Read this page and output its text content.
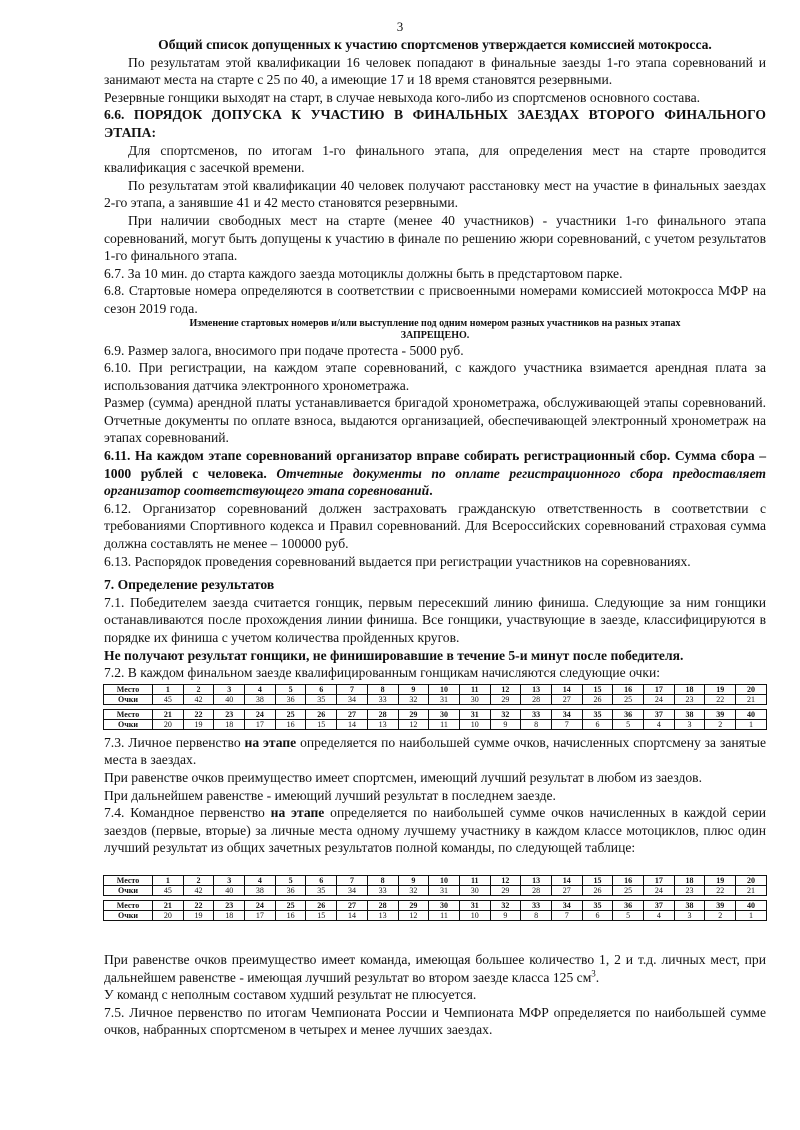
3

Общий список допущенных к участию спортсменов утверждается комиссией мотокросса.

По результатам этой квалификации 16 человек попадают в финальные заезды 1-го этапа соревнований и занимают места на старте с 25 по 40, а имеющие 17 и 18 время становятся резервными.

Резервные гонщики выходят на старт, в случае невыхода кого-либо из спортсменов основного состава.

6.6. ПОРЯДОК ДОПУСКА К УЧАСТИЮ В ФИНАЛЬНЫХ ЗАЕЗДАХ ВТОРОГО ФИНАЛЬНОГО ЭТАПА:

Для спортсменов, по итогам 1-го финального этапа, для определения мест на старте проводится квалификация с засечкой времени.

По результатам этой квалификации 40 человек получают расстановку мест на участие в финальных заездах 2-го этапа, а занявшие 41 и 42 место становятся резервными.

При наличии свободных мест на старте (менее 40 участников) - участники 1-го финального этапа соревнований, могут быть допущены к участию в финале по решению жюри соревнований, с учетом результатов 1-го финального этапа.

6.7. За 10 мин. до старта каждого заезда мотоциклы должны быть в предстартовом парке.

6.8. Стартовые номера определяются в соответствии с присвоенными номерами комиссией мотокросса МФР на сезон 2019 года.

Изменение стартовых номеров и/или выступление под одним номером разных участников на разных этапах

ЗАПРЕЩЕНО.

6.9. Размер залога, вносимого при подаче протеста - 5000 руб.

6.10. При регистрации, на каждом этапе соревнований, с каждого участника взимается арендная плата за использования датчика электронного хронометража.

Размер (сумма) арендной платы устанавливается бригадой хронометража, обслуживающей этапы соревнований. Отчетные документы по оплате взноса, выдаются организацией, обеспечивающей электронный хронометраж на этапах соревнований.

6.11. На каждом этапе соревнований организатор вправе собирать регистрационный сбор. Сумма сбора – 1000 рублей с человека. Отчетные документы по оплате регистрационного сбора предоставляет организатор соответствующего этапа соревнований.

6.12. Организатор соревнований должен застраховать гражданскую ответственность в соответствии с требованиями Спортивного кодекса и Правил соревнований. Для Всероссийских соревнований страховая сумма должна составлять не менее – 100000 руб.

6.13. Распорядок проведения соревнований выдается при регистрации участников на соревнованиях.

7. Определение результатов

7.1. Победителем заезда считается гонщик, первым пересекший линию финиша. Следующие за ним гонщики останавливаются после прохождения линии финиша. Все гонщики, участвующие в заезде, классифицируются в порядке их финиша с учетом количества пройденных кругов.

Не получают результат гонщики, не финишировавшие в течение 5-и минут после победителя.

7.2. В каждом финальном заезде квалифицированным гонщикам начисляются следующие очки:

Место	1	2	3	4	5	6	7	8	9	10	11	12	13	14	15	16	17	18	19	20
Очки	45	42	40	38	36	35	34	33	32	31	30	29	28	27	26	25	24	23	22	21
Место	21	22	23	24	25	26	27	28	29	30	31	32	33	34	35	36	37	38	39	40
Очки	20	19	18	17	16	15	14	13	12	11	10	9	8	7	6	5	4	3	2	1

7.3. Личное первенство на этапе определяется по наибольшей сумме очков, начисленных спортсмену за занятые места в заездах.

При равенстве очков преимущество имеет спортсмен, имеющий лучший результат в любом из заездов.

При дальнейшем равенстве - имеющий лучший результат в последнем заезде.

7.4. Командное первенство на этапе определяется по наибольшей сумме очков начисленных в каждой серии заездов (первые, вторые) за личные места одному лучшему участнику в каждом классе мотоциклов, плюс один лучший результат из общих зачетных результатов полной команды, по следующей таблице:

Место	1	2	3	4	5	6	7	8	9	10	11	12	13	14	15	16	17	18	19	20
Очки	45	42	40	38	36	35	34	33	32	31	30	29	28	27	26	25	24	23	22	21
Место	21	22	23	24	25	26	27	28	29	30	31	32	33	34	35	36	37	38	39	40
Очки	20	19	18	17	16	15	14	13	12	11	10	9	8	7	6	5	4	3	2	1

При равенстве очков преимущество имеет команда, имеющая большее количество 1, 2 и т.д. личных мест, при дальнейшем равенстве - имеющая лучший результат во втором заезде класса 125 $см^3$.

У команд с неполным составом худший результат не плюсуется.

7.5. Личное первенство по итогам Чемпионата России и Чемпионата МФР определяется по наибольшей сумме очков, набранных спортсменом в четырех и менее лучших заездах.
